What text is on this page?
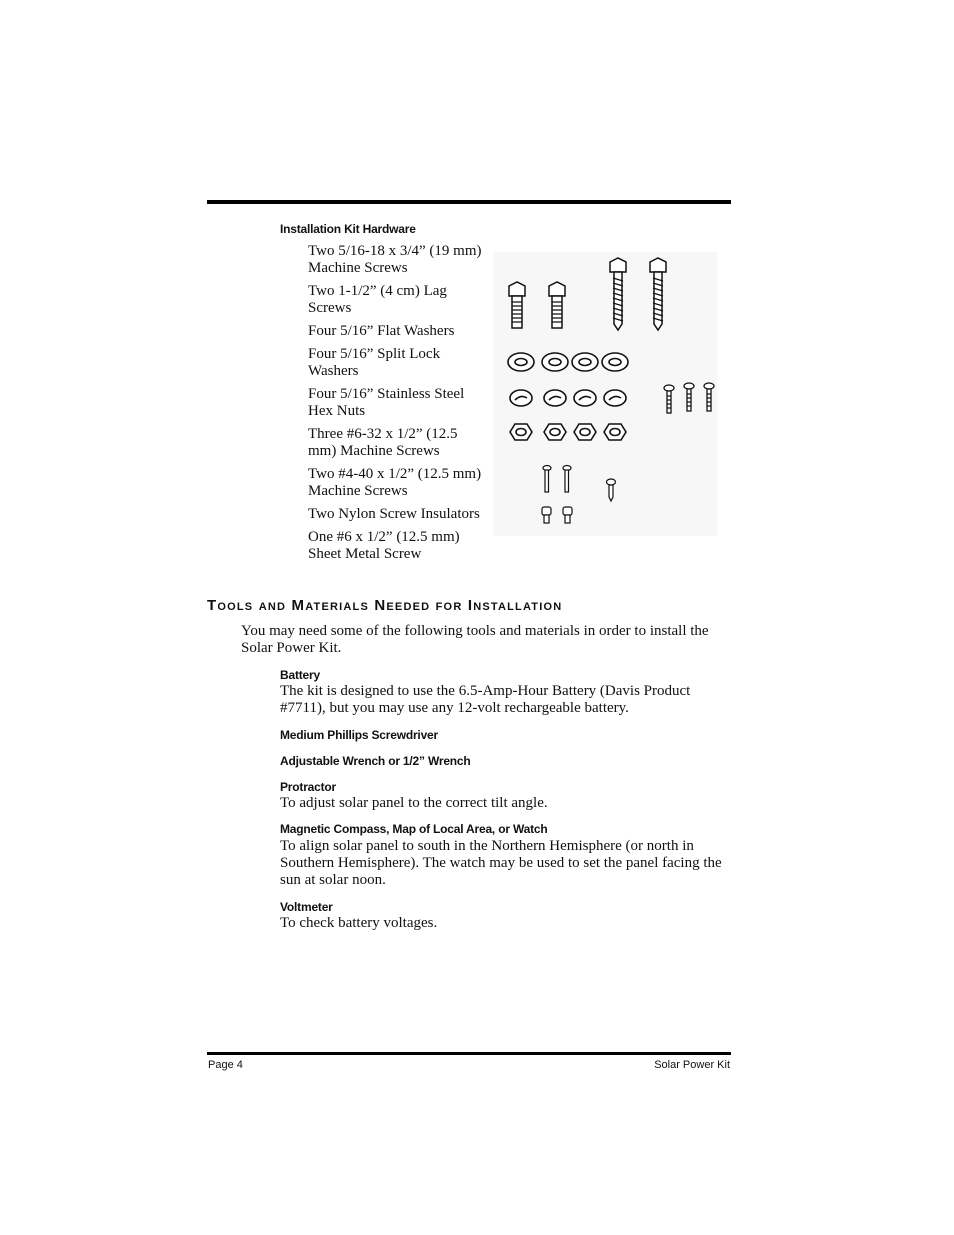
Installation Kit Hardware
Two 5/16-18 x 3/4” (19 mm) Machine Screws
Two 1-1/2” (4 cm) Lag Screws
Four 5/16” Flat Washers
Four 5/16” Split Lock Washers
Four 5/16” Stainless Steel Hex Nuts
Three #6-32 x 1/2” (12.5 mm) Machine Screws
Two #4-40 x 1/2” (12.5 mm) Machine Screws
Two Nylon Screw Insulators
One #6 x 1/2” (12.5 mm) Sheet Metal Screw
Tools and Materials Needed for Installation
You may need some of the following tools and materials in order to install the Solar Power Kit.
Battery
The kit is designed to use the 6.5-Amp-Hour Battery (Davis Product #7711), but you may use any 12-volt rechargeable battery.
Medium Phillips Screwdriver
Adjustable Wrench or 1/2” Wrench
Protractor
To adjust solar panel to the correct tilt angle.
Magnetic Compass, Map of Local Area, or Watch
To align solar panel to south in the Northern Hemisphere (or north in Southern Hemisphere). The watch may be used to set the panel facing the sun at solar noon.
Voltmeter
To check battery voltages.
Page 4	Solar Power Kit
